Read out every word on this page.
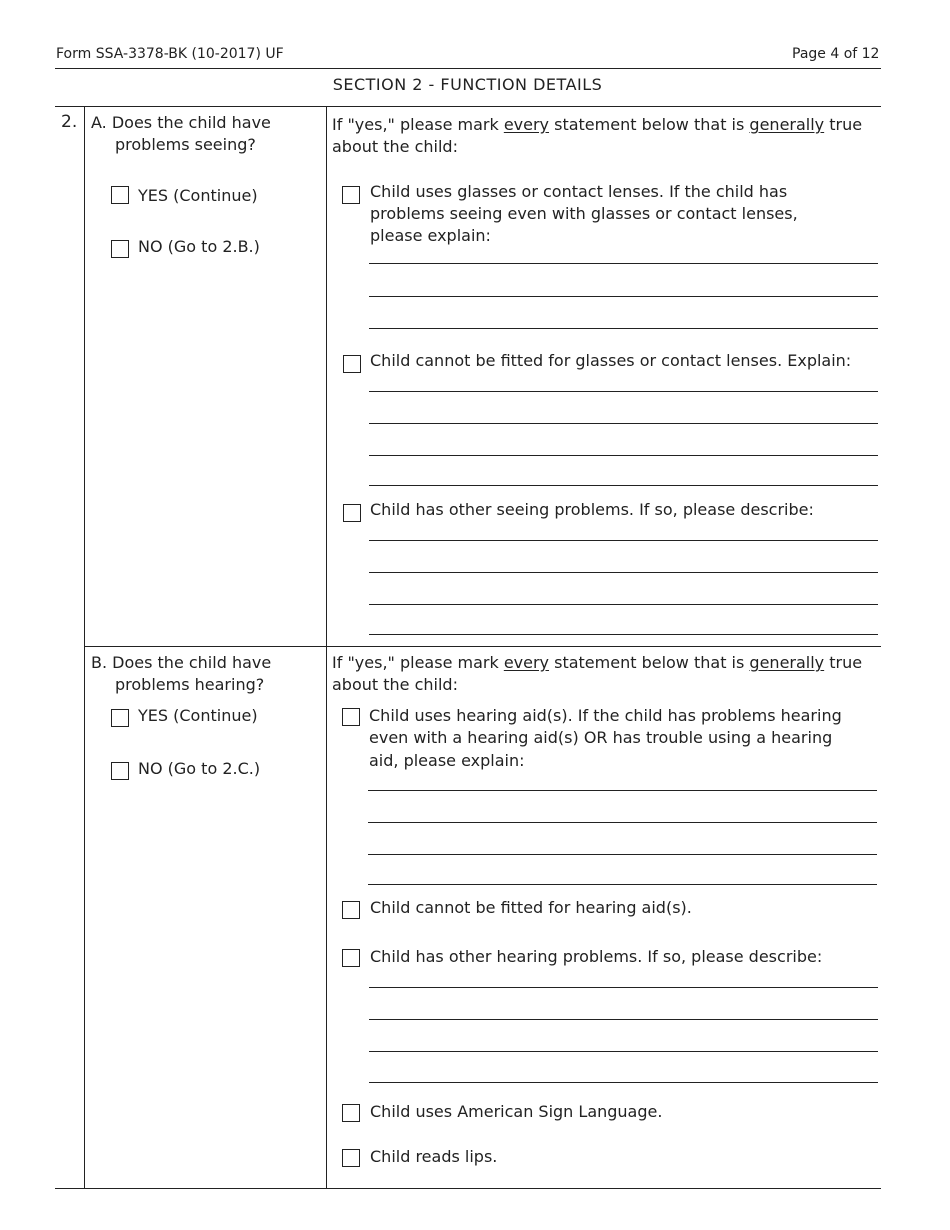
Form SSA-3378-BK (10-2017) UF	Page 4 of 12
SECTION 2 - FUNCTION DETAILS
2. A. Does the child have
problems seeing?
YES (Continue)
NO (Go to 2.B.)
If "yes," please mark every statement below that is generally true
about the child:
Child uses glasses or contact lenses. If the child has
problems seeing even with glasses or contact lenses,
please explain:
Child cannot be fitted for glasses or contact lenses. Explain:
Child has other seeing problems. If so, please describe:
B. Does the child have
problems hearing?
YES (Continue)
NO (Go to 2.C.)
If "yes," please mark every statement below that is generally true
about the child:
Child uses hearing aid(s). If the child has problems hearing
even with a hearing aid(s) OR has trouble using a hearing
aid, please explain:
Child cannot be fitted for hearing aid(s).
Child has other hearing problems. If so, please describe:
Child uses American Sign Language.
Child reads lips.
